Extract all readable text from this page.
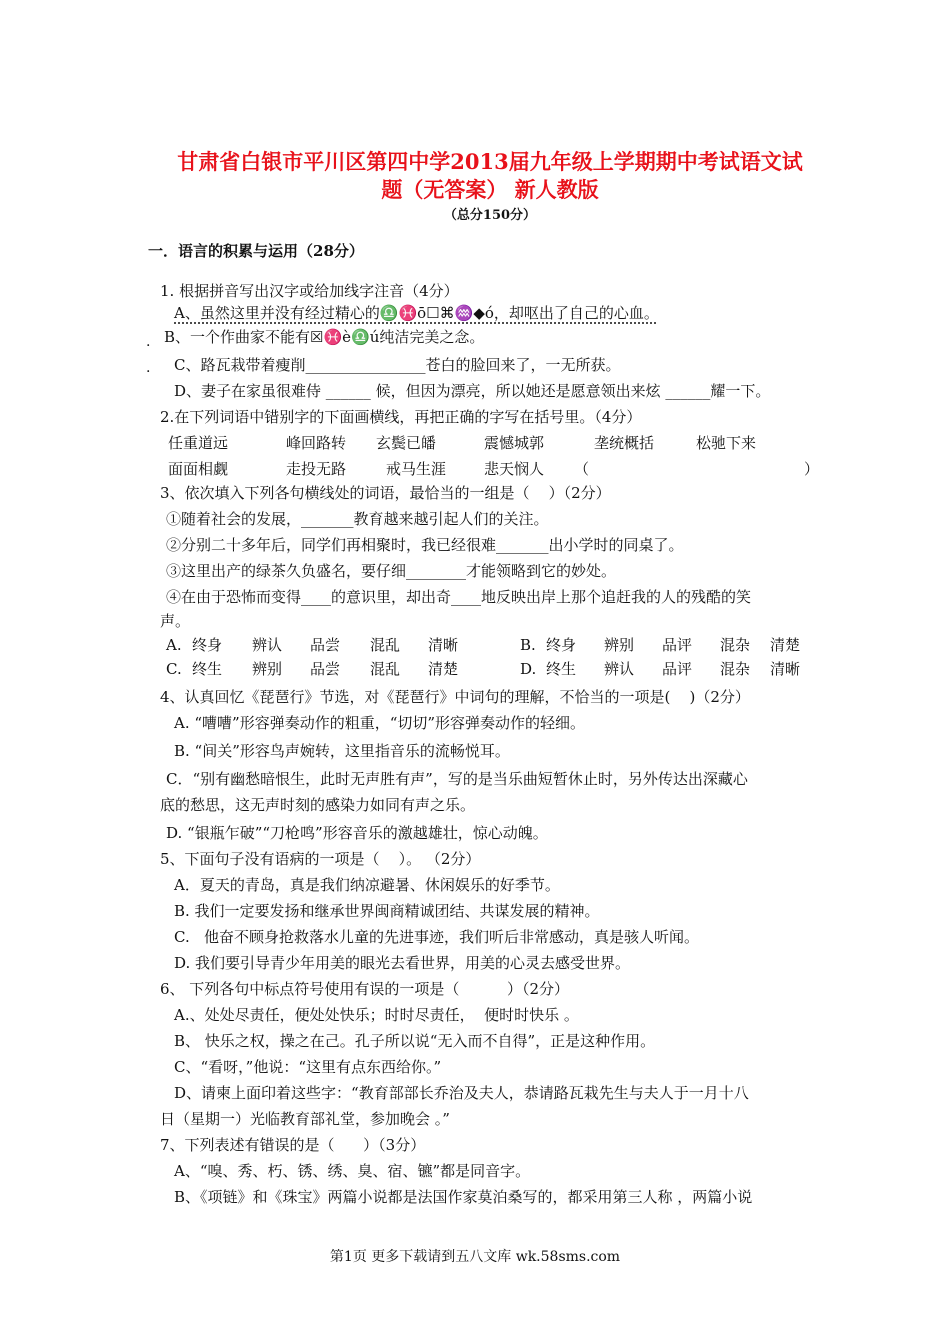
甘肃省白银市平川区第四中学2013届九年级上学期期中考试语文试
题（无答案） 新人教版
（总分150分）
一．语言的积累与运用（28分）
1. 根据拼音写出汉字或给加线字注音（4分）
A、虽然这里并没有经过精心的♎♓ō☐⌘♒◆ó，却呕出了自己的心血。
B、一个作曲家不能有☒♓è♎ú纯洁完美之念。
.
C、路瓦栽带着瘦削________________苍白的脸回来了，一无所获。
.
D、妻子在家虽很难侍 ______ 候，但因为漂亮，所以她还是愿意领出来炫 ______耀一下。
2.在下列词语中错别字的下面画横线，再把正确的字写在括号里。（4分）
任重道远	峰回路转 玄鬓已皤	震憾城郭	垄统概括	松驰下来
面面相觑	走投无路	戒马生涯	悲天悯人 （	）
3、依次填入下列各句横线处的词语，最恰当的一组是（    ）（2分）
①随着社会的发展，_______教育越来越引起人们的关注。
②分别二十多年后，同学们再相聚时，我已经很难_______出小学时的同桌了。
③这里出产的绿茶久负盛名，要仔细________才能领略到它的妙处。
④在由于恐怖而变得____的意识里，却出奇____地反映出岸上那个追赶我的人的残酷的笑
声。
A. 终身 辨认 品尝 混乱 清晰	B. 终身 辨别 品评 混杂 清楚
C. 终生 辨别 品尝 混乱 清楚	D. 终生 辨认 品评 混杂 清晰
4、认真回忆《琵琶行》节选，对《琵琶行》中词句的理解，不恰当的一项是(    )（2分）
A. “嘈嘈”形容弹奏动作的粗重，“切切”形容弹奏动作的轻细。
B. “间关”形容鸟声婉转，这里指音乐的流畅悦耳。
C．“别有幽愁暗恨生，此时无声胜有声”，写的是当乐曲短暂休止时，另外传达出深藏心
底的愁思，这无声时刻的感染力如同有声之乐。
D. “银瓶乍破”“刀枪鸣”形容音乐的激越雄壮，惊心动魄。
5、下面句子没有语病的一项是（    ）。 （2分）
A．夏天的青岛，真是我们纳凉避暑、休闲娱乐的好季节。
B. 我们一定要发扬和继承世界闽商精诚团结、共谋发展的精神。
C.   他奋不顾身抢救落水儿童的先进事迹，我们听后非常感动，真是骇人听闻。
D. 我们要引导青少年用美的眼光去看世界，用美的心灵去感受世界。
6、 下列各句中标点符号使用有误的一项是（          ）（2分）
A.、处处尽责任，便处处快乐；时时尽责任，  便时时快乐 。
B、 快乐之权，操之在己。孔子所以说“无入而不自得”，正是这种作用。
C、“看呀，”他说：“这里有点东西给你。”
D、请柬上面印着这些字：“教育部部长乔治及夫人，恭请路瓦栽先生与夫人于一月十八
日（星期一）光临教育部礼堂，参加晚会 。”
7、下列表述有错误的是（      ）（3分）
A、“嗅、秀、朽、锈、绣、臭、宿、镳”都是同音字。
B、《项链》和《珠宝》两篇小说都是法国作家莫泊桑写的，都采用第三人称 ，两篇小说
第1页 更多下载请到五八文库 wk.58sms.com
